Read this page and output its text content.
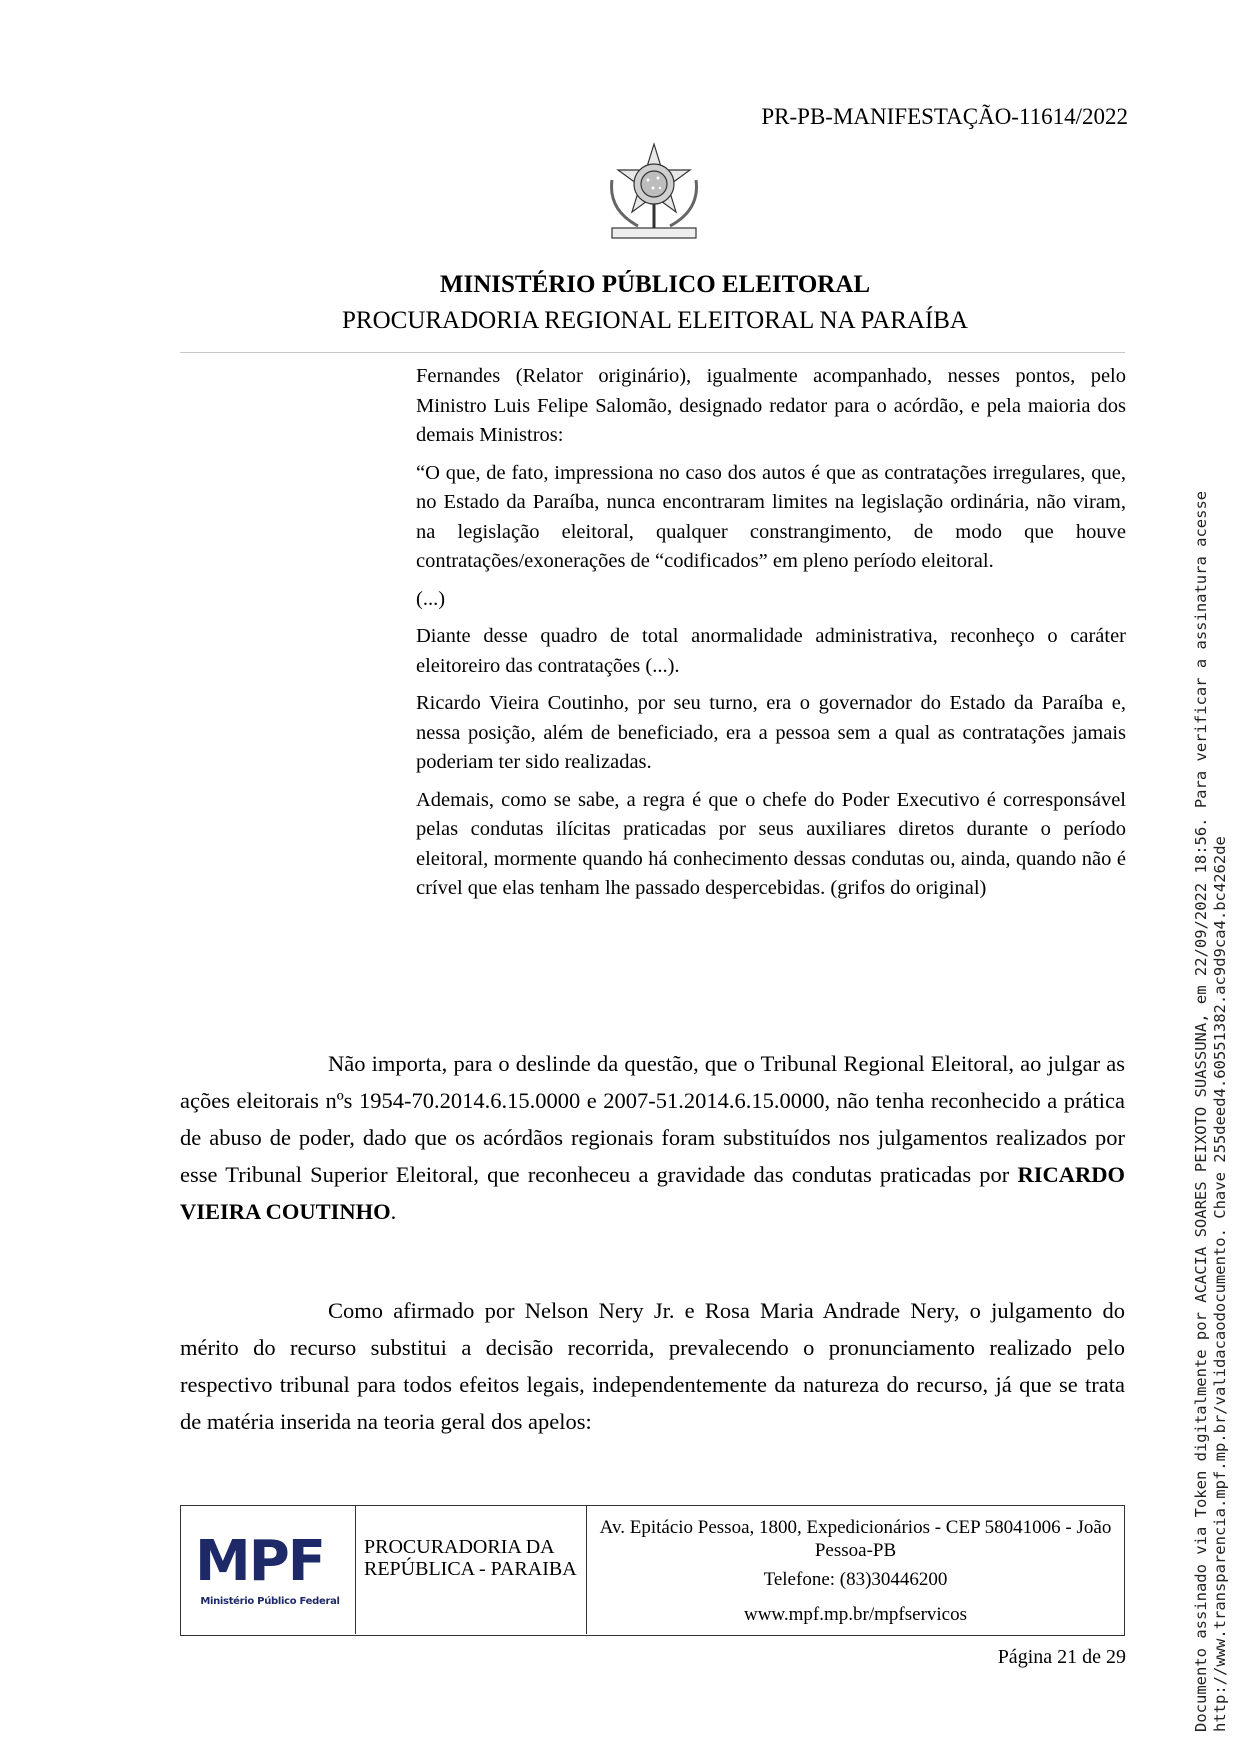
PR-PB-MANIFESTAÇÃO-11614/2022
MINISTÉRIO PÚBLICO ELEITORAL
PROCURADORIA REGIONAL ELEITORAL NA PARAÍBA

Fernandes (Relator originário), igualmente acompanhado, nesses pontos, pelo Ministro Luis Felipe Salomão, designado redator para o acórdão, e pela maioria dos demais Ministros:

“O que, de fato, impressiona no caso dos autos é que as contratações irregulares, que, no Estado da Paraíba, nunca encontraram limites na legislação ordinária, não viram, na legislação eleitoral, qualquer constrangimento, de modo que houve contratações/exonerações de “codificados” em pleno período eleitoral.

(...)

Diante desse quadro de total anormalidade administrativa, reconheço o caráter eleitoreiro das contratações (...).

Ricardo Vieira Coutinho, por seu turno, era o governador do Estado da Paraíba e, nessa posição, além de beneficiado, era a pessoa sem a qual as contratações jamais poderiam ter sido realizadas.

Ademais, como se sabe, a regra é que o chefe do Poder Executivo é corresponsável pelas condutas ilícitas praticadas por seus auxiliares diretos durante o período eleitoral, mormente quando há conhecimento dessas condutas ou, ainda, quando não é crível que elas tenham lhe passado despercebidas. (grifos do original)

Não importa, para o deslinde da questão, que o Tribunal Regional Eleitoral, ao julgar as ações eleitorais nºs 1954-70.2014.6.15.0000 e 2007-51.2014.6.15.0000, não tenha reconhecido a prática de abuso de poder, dado que os acórdãos regionais foram substituídos nos julgamentos realizados por esse Tribunal Superior Eleitoral, que reconheceu a gravidade das condutas praticadas por RICARDO VIEIRA COUTINHO.

Como afirmado por Nelson Nery Jr. e Rosa Maria Andrade Nery, o julgamento do mérito do recurso substitui a decisão recorrida, prevalecendo o pronunciamento realizado pelo respectivo tribunal para todos efeitos legais, independentemente da natureza do recurso, já que se trata de matéria inserida na teoria geral dos apelos:

MPF
Ministério Público Federal
PROCURADORIA DA REPÚBLICA - PARAIBA
Av. Epitácio Pessoa, 1800, Expedicionários - CEP 58041006 - João Pessoa-PB
Telefone: (83)30446200
www.mpf.mp.br/mpfservicos
Página 21 de 29	Documento assinado via Token digitalmente por ACACIA SOARES PEIXOTO SUASSUNA, em 22/09/2022 18:56. Para verificar a assinatura acesse http://www.transparencia.mpf.mp.br/validacaodocumento. Chave 255deed4.60551382.ac9d9ca4.bc4262de
